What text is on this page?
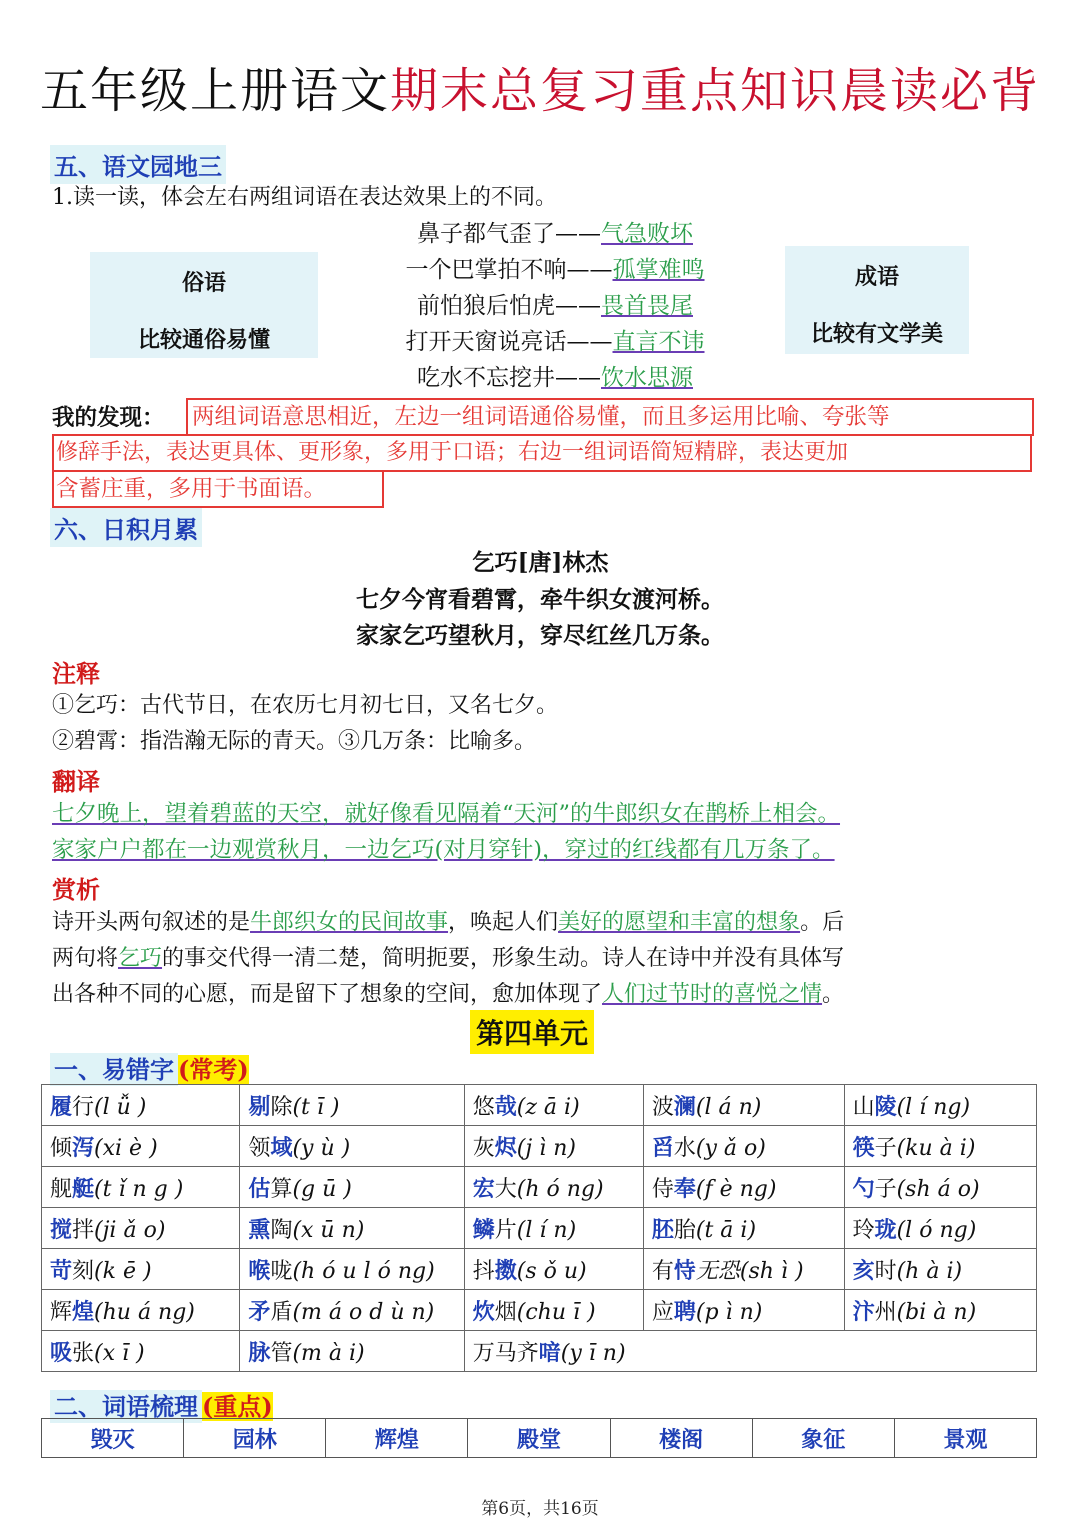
五年级上册语文期末总复习重点知识晨读必背
五、语文园地三
1.读一读，体会左右两组词语在表达效果上的不同。
俗语
比较通俗易懂
成语
比较有文学美
鼻子都气歪了——气急败坏
一个巴掌拍不响——孤掌难鸣
前怕狼后怕虎——畏首畏尾
打开天窗说亮话——直言不讳
吃水不忘挖井——饮水思源
我的发现： 两组词语意思相近，左边一组词语通俗易懂，而且多运用比喻、夸张等
修辞手法，表达更具体、更形象，多用于口语；右边一组词语简短精辟，表达更加
含蓄庄重，多用于书面语。
六、日积月累
乞巧[唐]林杰
七夕今宵看碧霄，牵牛织女渡河桥。
家家乞巧望秋月，穿尽红丝几万条。
注释
①乞巧：古代节日，在农历七月初七日，又名七夕。
②碧霄：指浩瀚无际的青天。③几万条：比喻多。
翻译
七夕晚上，望着碧蓝的天空，就好像看见隔着“天河”的牛郎织女在鹊桥上相会。
家家户户都在一边观赏秋月，一边乞巧(对月穿针)，穿过的红线都有几万条了。
赏析
诗开头两句叙述的是牛郎织女的民间故事，唤起人们美好的愿望和丰富的想象。后
两句将乞巧的事交代得一清二楚，简明扼要，形象生动。诗人在诗中并没有具体写
出各种不同的心愿，而是留下了想象的空间，愈加体现了人们过节时的喜悦之情。
第四单元
一、易错字 (常考)
履行(l ǚ )	剔除(t ī )	悠哉(z ā i)	波澜(l á n)	山陵(l í ng)
倾泻(xi è )	领域(y ù )	灰烬(j ì n)	舀水(y ǎ o)	筷子(ku à i)
舰艇(t ǐ n g )	估算(g ū )	宏大(h ó ng)	侍奉(f è ng)	勺子(sh á o)
搅拌(ji ǎ o)	熏陶(x ū n)	鳞片(l í n)	胚胎(t ā i)	玲珑(l ó ng)
苛刻(k ē )	喉咙(h ó u l ó ng)	抖擞(s ǒ u)	有恃无恐(sh ì )	亥时(h à i)
辉煌(hu á ng)	矛盾(m á o d ù n)	炊烟(chu ī )	应聘(p ì n)	汴州(bi à n)
吸张(x ī )	脉管(m à i)	万马齐喑(y ī n)		
二、词语梳理 (重点)
毁灭	园林	辉煌	殿堂	楼阁	象征	景观
第6页，共16页
